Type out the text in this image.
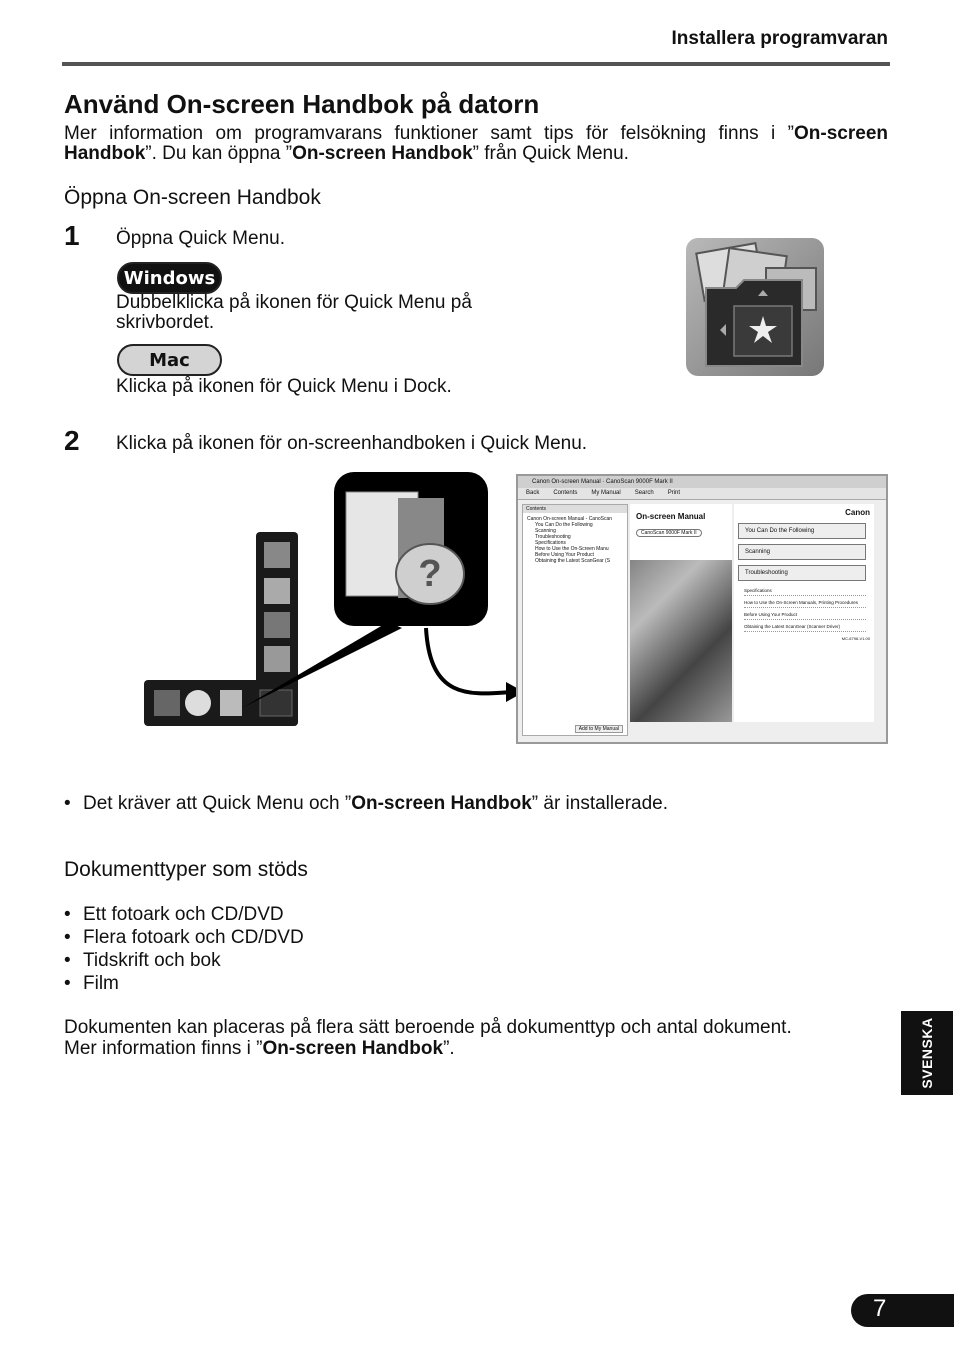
Installera programvaran
Använd On-screen Handbok på datorn
Mer information om programvarans funktioner samt tips för felsökning finns i ”On-screen Handbok”. Du kan öppna ”On-screen Handbok” från Quick Menu.
Öppna On-screen Handbok
1 Öppna Quick Menu.
Windows
Dubbelklicka på ikonen för Quick Menu på skrivbordet.
Mac
Klicka på ikonen för Quick Menu i Dock.
2 Klicka på ikonen för on-screenhandboken i Quick Menu.
?
Canon On-screen Manual · CanoScan 9000F Mark II
Back Contents My Manual Search Print
Contents
Canon On-screen Manual - CanoScan
You Can Do the Following
Scanning
Troubleshooting
Specifications
How to Use the On-Screen Manu
Before Using Your Product
Obtaining the Latest ScanGear (S
Add to My Manual
On-screen Manual
CanoScan 9000F Mark II
Canon
You Can Do the Following
Scanning
Troubleshooting
Specifications
How to Use the On-Screen Manuals, Printing Procedures
Before Using Your Product
Obtaining the Latest ScanGear (Scanner Driver)
MC-6796-V1.00
• Det kräver att Quick Menu och ”On-screen Handbok” är installerade.
Dokumenttyper som stöds
• Ett fotoark och CD/DVD
• Flera fotoark och CD/DVD
• Tidskrift och bok
• Film
Dokumenten kan placeras på flera sätt beroende på dokumenttyp och antal dokument.
Mer information finns i ”On-screen Handbok”.	SVENSKA
7
